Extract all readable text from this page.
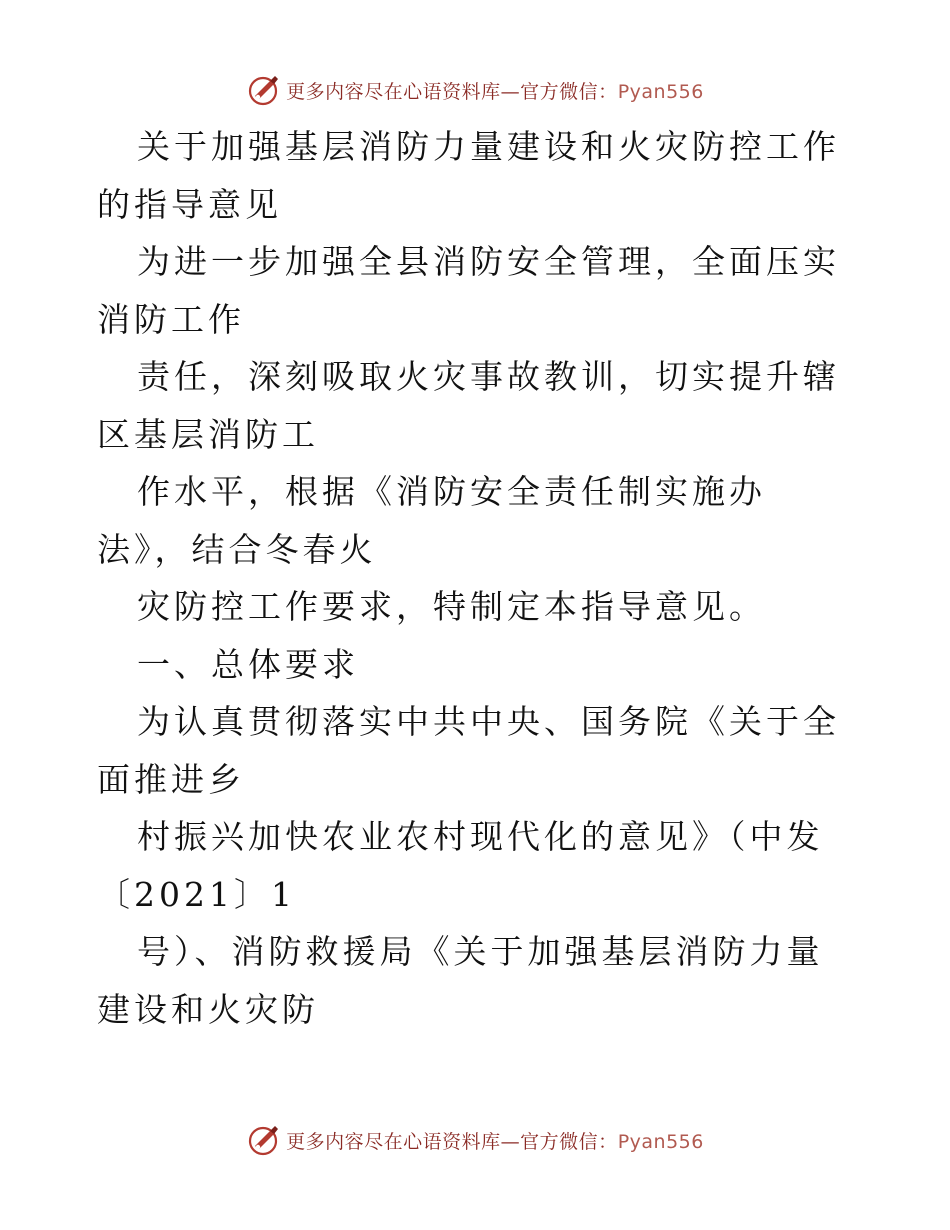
更多内容尽在心语资料库—官方微信：Pyan556
关于加强基层消防力量建设和火灾防控工作的指导意见
为进一步加强全县消防安全管理，全面压实消防工作
责任，深刻吸取火灾事故教训，切实提升辖区基层消防工
作水平，根据《消防安全责任制实施办法》，结合冬春火
灾防控工作要求，特制定本指导意见。
一、总体要求
为认真贯彻落实中共中央、国务院《关于全面推进乡
村振兴加快农业农村现代化的意见》（中发〔2021〕1
号）、消防救援局《关于加强基层消防力量建设和火灾防
更多内容尽在心语资料库—官方微信：Pyan556
